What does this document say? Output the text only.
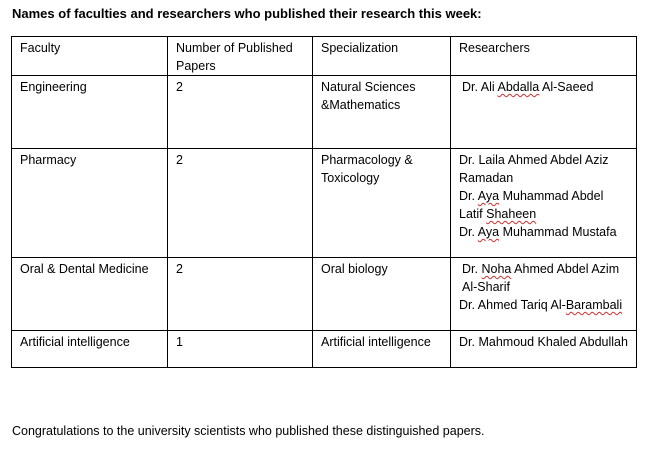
Names of faculties and researchers who published their research this week:
Faculty	Number of Published Papers	Specialization	Researchers
Engineering	2	Natural Sciences &Mathematics	Dr. Ali Abdalla Al-Saeed

Pharmacy	2	Pharmacology & Toxicology	Dr. Laila Ahmed Abdel Aziz Ramadan
Dr. Aya Muhammad Abdel Latif Shaheen
Dr. Aya Muhammad Mustafa

Oral & Dental Medicine	2	Oral biology	Dr. Noha Ahmed Abdel Azim Al-Sharif
Dr. Ahmed Tariq Al-Barambali

Artificial intelligence	1	Artificial intelligence	Dr. Mahmoud Khaled Abdullah
Congratulations to the university scientists who published these distinguished papers.
